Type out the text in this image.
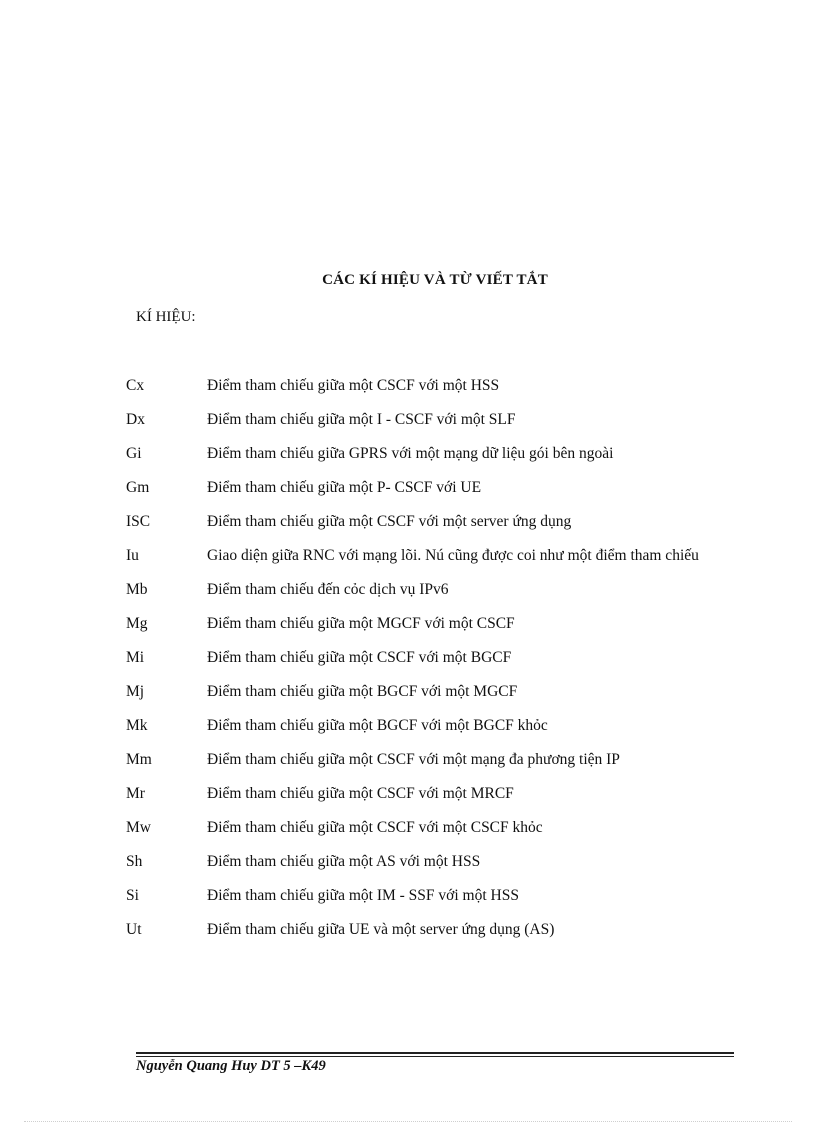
CÁC KÍ HIỆU VÀ TỪ VIẾT TẮT
KÍ HIỆU:
Cx	Điểm tham chiếu giữa một CSCF với một HSS
Dx	Điểm tham chiếu giữa một I - CSCF với một SLF
Gi	Điểm tham chiếu giữa GPRS với một mạng dữ liệu gói bên ngoài
Gm	Điểm tham chiếu giữa một P- CSCF với UE
ISC	Điểm tham chiếu giữa một CSCF với một server ứng dụng
Iu	Giao diện giữa RNC với mạng lõi. Nú cũng được coi như một điểm tham chiếu
Mb	Điểm tham chiếu đến cỏc dịch vụ IPv6
Mg	Điểm tham chiếu giữa một MGCF với một CSCF
Mi	Điểm tham chiếu giữa một CSCF với một BGCF
Mj	Điểm tham chiếu giữa một BGCF với một MGCF
Mk	Điểm tham chiếu giữa một BGCF với một BGCF khỏc
Mm	Điểm tham chiếu giữa một CSCF với một mạng đa phương tiện IP
Mr	Điểm tham chiếu giữa một CSCF với một MRCF
Mw	Điểm tham chiếu giữa một CSCF với một CSCF khỏc
Sh	Điểm tham chiếu giữa một AS với một HSS
Si	Điểm tham chiếu giữa một IM - SSF với một HSS
Ut	Điểm tham chiếu giữa UE và một server ứng dụng (AS)
Nguyễn Quang Huy DT 5 –K49
